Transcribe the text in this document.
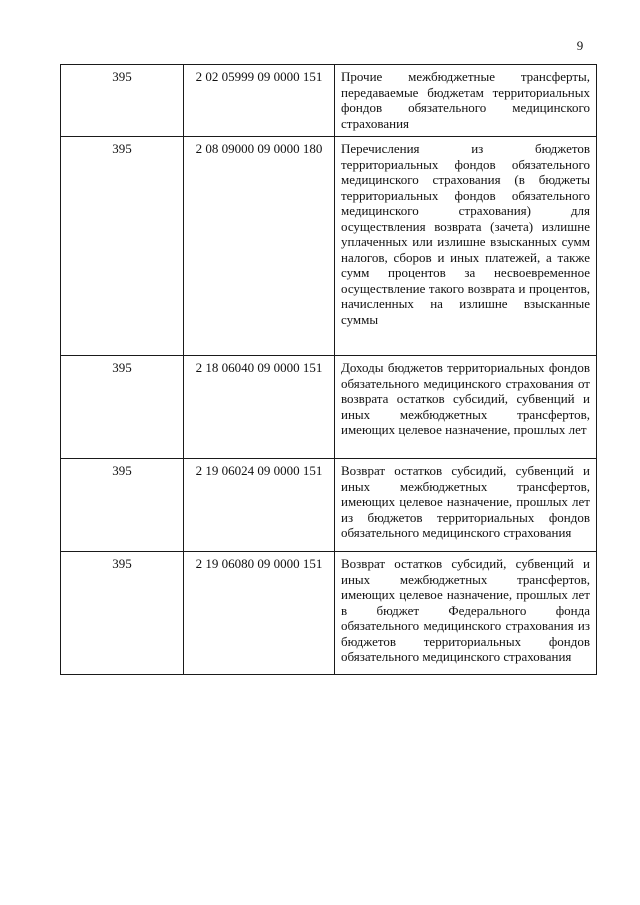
9
395	2 02 05999 09 0000 151	Прочие межбюджетные трансферты, передаваемые бюджетам территориальных фондов обязательного медицинского страхования

395	2 08 09000 09 0000 180	Перечисления из бюджетов территориальных фондов обязательного медицинского страхования (в бюджеты территориальных фондов обязательного медицинского страхования) для осуществления возврата (зачета) излишне уплаченных или излишне взысканных сумм налогов, сборов и иных платежей, а также сумм процентов за несвоевременное осуществление такого возврата и процентов, начисленных на излишне взысканные суммы

395	2 18 06040 09 0000 151	Доходы бюджетов территориальных фондов обязательного медицинского страхования от возврата остатков субсидий, субвенций и иных межбюджетных трансфертов, имеющих целевое назначение, прошлых лет

395	2 19 06024 09 0000 151	Возврат остатков субсидий, субвенций и иных межбюджетных трансфертов, имеющих целевое назначение, прошлых лет из бюджетов территориальных фондов обязательного медицинского страхования

395	2 19 06080 09 0000 151	Возврат остатков субсидий, субвенций и иных межбюджетных трансфертов, имеющих целевое назначение, прошлых лет в бюджет Федерального фонда обязательного медицинского страхования из бюджетов территориальных фондов обязательного медицинского страхования
